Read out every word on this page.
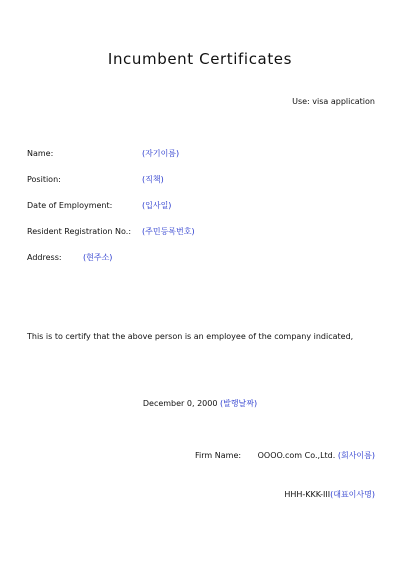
Incumbent Certificates
Use: visa application
Name:	(자기이름)
Position:	(직책)
Date of Employment:	(입사일)
Resident Registration No.: (주민등록번호)
Address:	(현주소)
This is to certify that the above person is an employee of the company indicated,
December 0, 2000 (발행날짜)
Firm Name: OOOO.com Co.,Ltd. (회사이름)
HHH-KKK-III(대표이사명)
